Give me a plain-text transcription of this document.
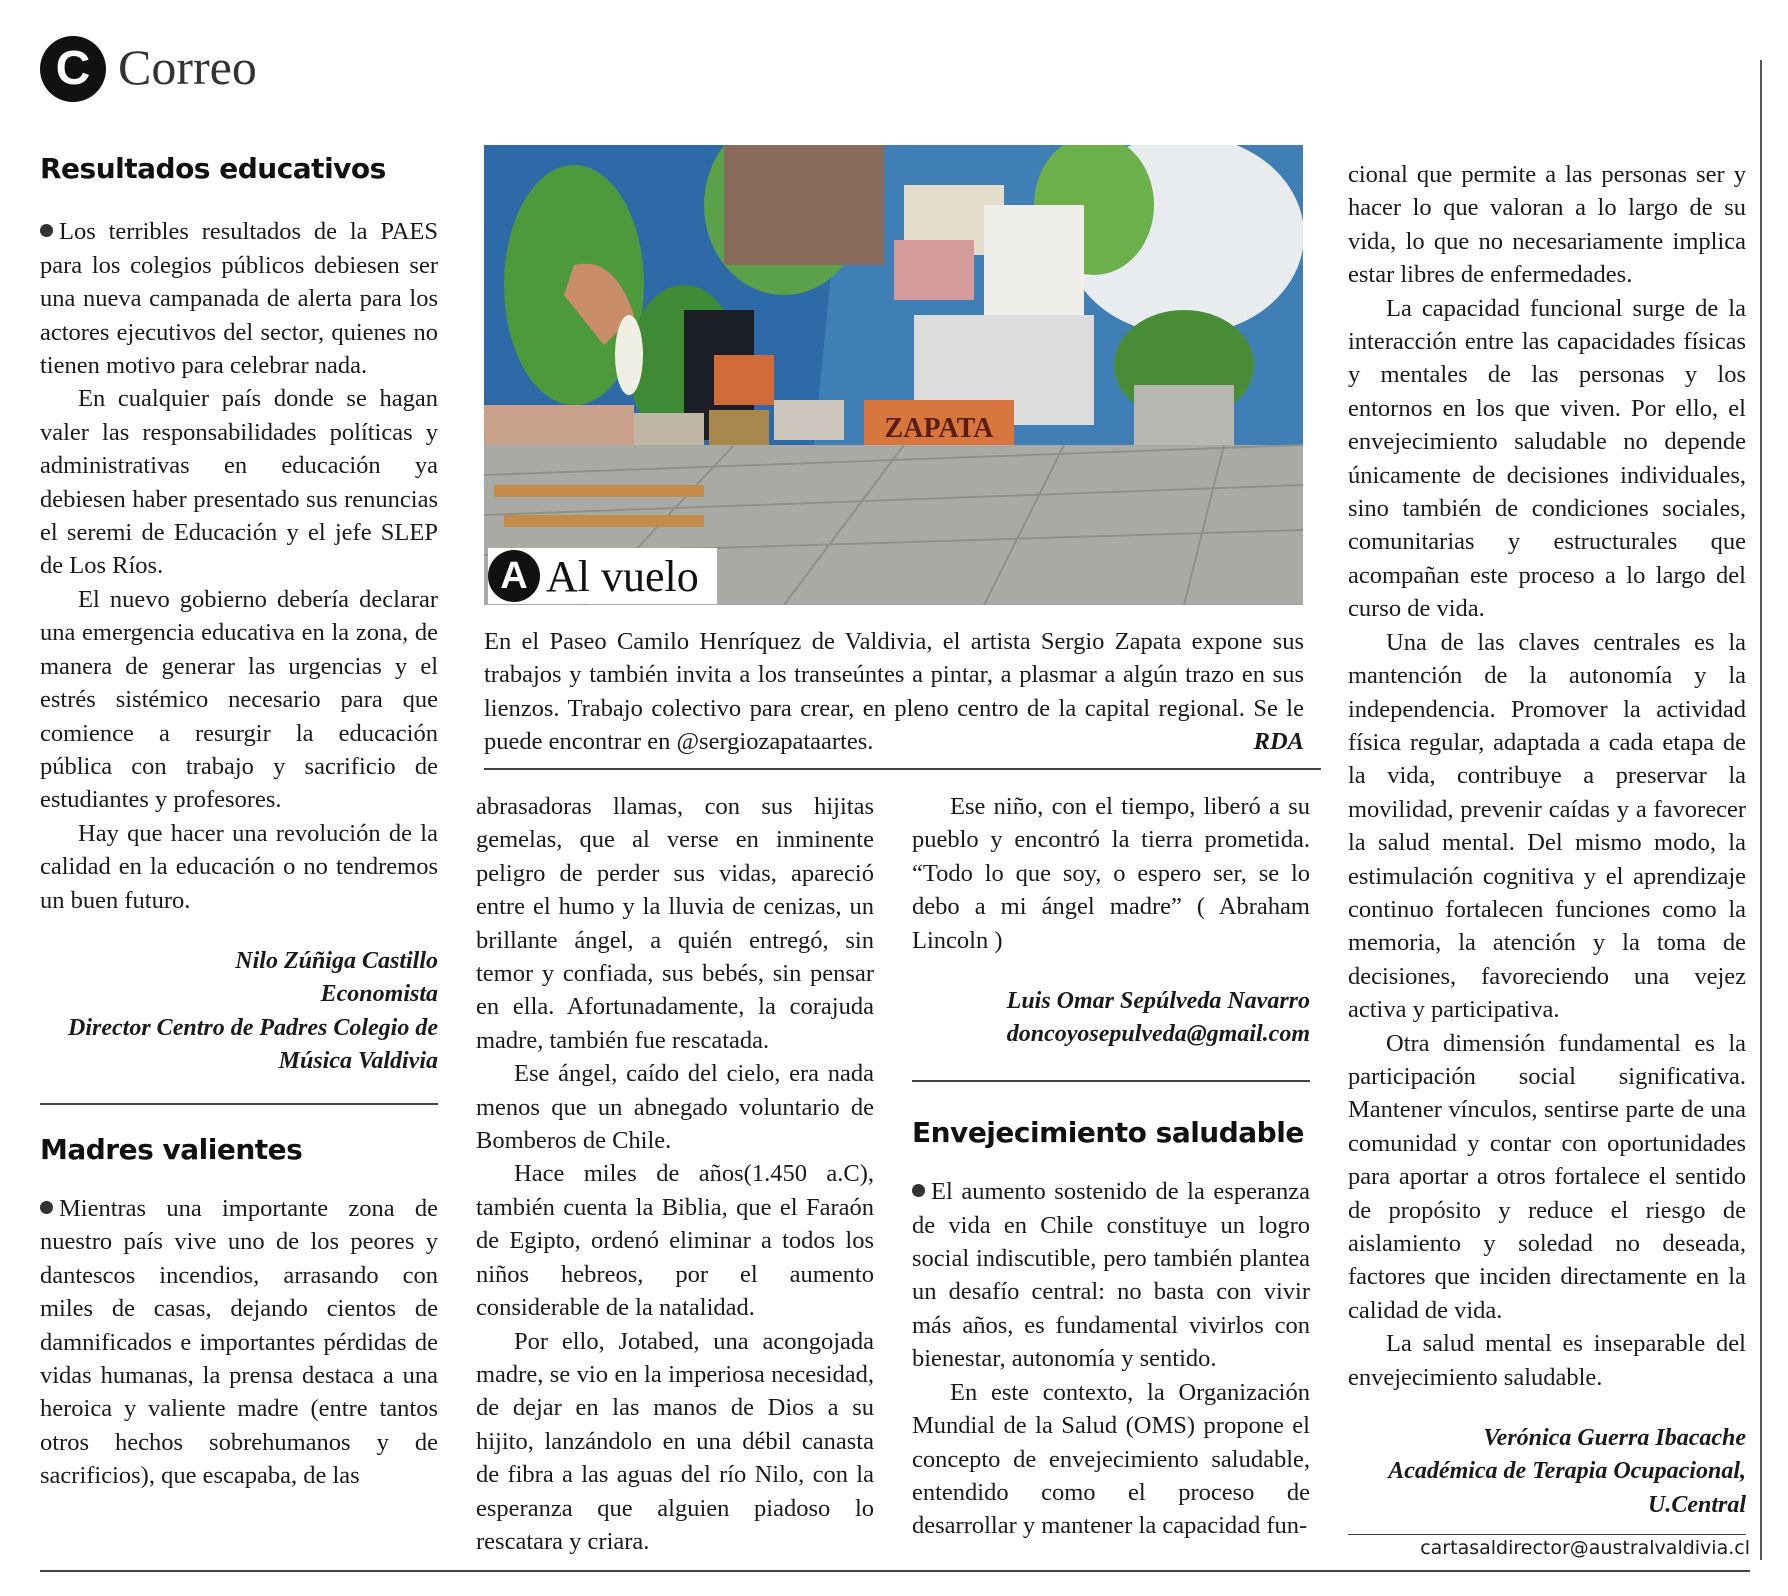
C Correo
Resultados educativos

Los terribles resultados de la PAES para los colegios públicos debiesen ser una nueva campanada de alerta para los actores ejecutivos del sector, quienes no tienen motivo para celebrar nada.

En cualquier país donde se hagan valer las responsabilidades políticas y administrativas en educación ya debiesen haber presentado sus renuncias el seremi de Educación y el jefe SLEP de Los Ríos.

El nuevo gobierno debería declarar una emergencia educativa en la zona, de manera de generar las urgencias y el estrés sistémico necesario para que comience a resurgir la educación pública con trabajo y sacrificio de estudiantes y profesores.

Hay que hacer una revolución de la calidad en la educación o no tendremos un buen futuro.

Nilo Zúñiga Castillo
Economista
Director Centro de Padres Colegio de
Música Valdivia
Madres valientes

Mientras una importante zona de nuestro país vive uno de los peores y dantescos incendios, arrasando con miles de casas, dejando cientos de damnificados e importantes pérdidas de vidas humanas, la prensa destaca a una heroica y valiente madre (entre tantos otros hechos sobrehumanos y de sacrificios), que escapaba, de las

ZAPATA
A Al vuelo
En el Paseo Camilo Henríquez de Valdivia, el artista Sergio Zapata expone sus trabajos y también invita a los transeúntes a pintar, a plasmar a algún trazo en sus lienzos. Trabajo colectivo para crear, en pleno centro de la capital regional. Se le puede encontrar en @sergiozapataartes.	RDA

abrasadoras llamas, con sus hijitas gemelas, que al verse en inminente peligro de perder sus vidas, apareció entre el humo y la lluvia de cenizas, un brillante ángel, a quién entregó, sin temor y confiada, sus bebés, sin pensar en ella. Afortunadamente, la corajuda madre, también fue rescatada.

Ese ángel, caído del cielo, era nada menos que un abnegado voluntario de Bomberos de Chile.

Hace miles de años(1.450 a.C), también cuenta la Biblia, que el Faraón de Egipto, ordenó eliminar a todos los niños hebreos, por el aumento considerable de la natalidad.

Por ello, Jotabed, una acongojada madre, se vio en la imperiosa necesidad, de dejar en las manos de Dios a su hijito, lanzándolo en una débil canasta de fibra a las aguas del río Nilo, con la esperanza que alguien piadoso lo rescatara y criara.

Ese niño, con el tiempo, liberó a su pueblo y encontró la tierra prometida. “Todo lo que soy, o espero ser, se lo debo a mi ángel madre” ( Abraham Lincoln )

Luis Omar Sepúlveda Navarro
doncoyosepulveda@gmail.com
Envejecimiento saludable

El aumento sostenido de la esperanza de vida en Chile constituye un logro social indiscutible, pero también plantea un desafío central: no basta con vivir más años, es fundamental vivirlos con bienestar, autonomía y sentido.

En este contexto, la Organización Mundial de la Salud (OMS) propone el concepto de envejecimiento saludable, entendido como el proceso de desarrollar y mantener la capacidad fun-

cional que permite a las personas ser y hacer lo que valoran a lo largo de su vida, lo que no necesariamente implica estar libres de enfermedades.

La capacidad funcional surge de la interacción entre las capacidades físicas y mentales de las personas y los entornos en los que viven. Por ello, el envejecimiento saludable no depende únicamente de decisiones individuales, sino también de condiciones sociales, comunitarias y estructurales que acompañan este proceso a lo largo del curso de vida.

Una de las claves centrales es la mantención de la autonomía y la independencia. Promover la actividad física regular, adaptada a cada etapa de la vida, contribuye a preservar la movilidad, prevenir caídas y a favorecer la salud mental. Del mismo modo, la estimulación cognitiva y el aprendizaje continuo fortalecen funciones como la memoria, la atención y la toma de decisiones, favoreciendo una vejez activa y participativa.

Otra dimensión fundamental es la participación social significativa. Mantener vínculos, sentirse parte de una comunidad y contar con oportunidades para aportar a otros fortalece el sentido de propósito y reduce el riesgo de aislamiento y soledad no deseada, factores que inciden directamente en la calidad de vida.

La salud mental es inseparable del envejecimiento saludable.

Verónica Guerra Ibacache
Académica de Terapia Ocupacional,
U.Central
cartasaldirector@australvaldivia.cl
